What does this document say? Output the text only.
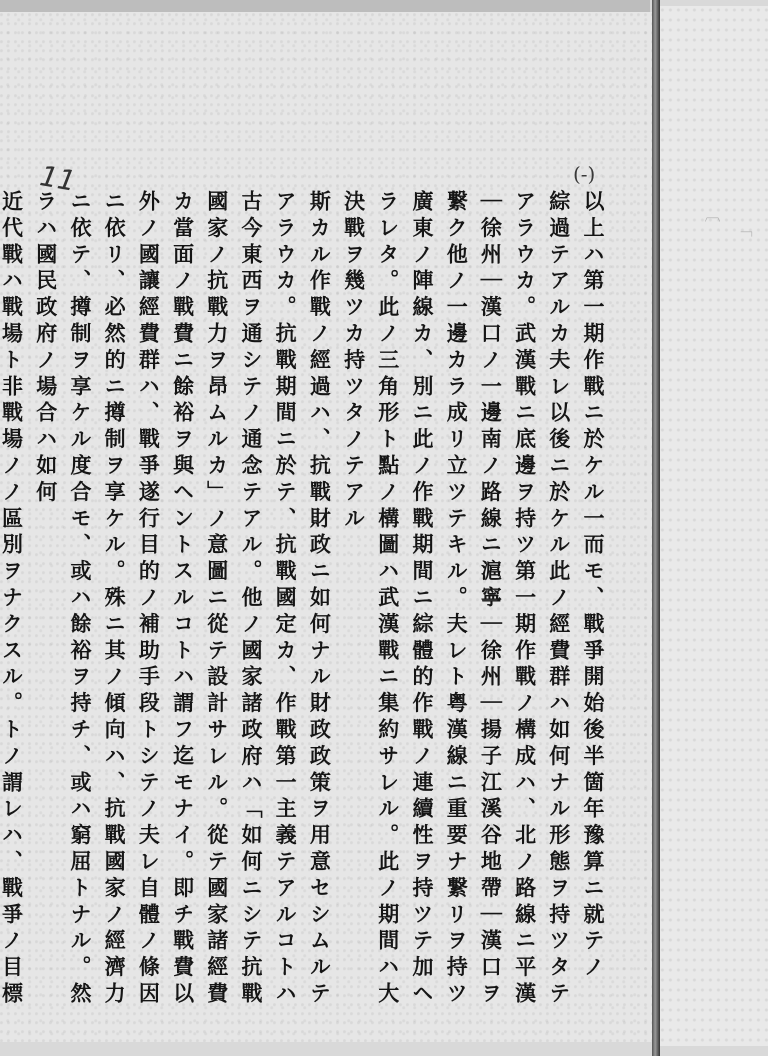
11	(-)
以上ハ第一期作戰ニ於ケル一而モ、戰爭開始後半箇年豫算ニ就テノ
綜過テアルカ夫レ以後ニ於ケル此ノ經費群ハ如何ナル形態ヲ持ツタテ
アラウカ。武漢戰ニ底邊ヲ持ツ第一期作戰ノ構成ハ、北ノ路線ニ平漢
｜徐州｜漢口ノ一邊南ノ路線ニ滬寧｜徐州｜揚子江溪谷地帶｜漢口ヲ
繋ク他ノ一邊カラ成リ立ツテキル。夫レト粤漢線ニ重要ナ繋リヲ持ツ
廣東ノ陣線カ、別ニ此ノ作戰期間ニ綜體的作戰ノ連續性ヲ持ツテ加ヘ
ラレタ。此ノ三角形ト點ノ構圖ハ武漢戰ニ集約サレル。此ノ期間ハ大
決戰ヲ幾ツカ持ツタノテアル
斯カル作戰ノ經過ハ、抗戰財政ニ如何ナル財政政策ヲ用意セシムルテ
アラウカ。抗戰期間ニ於テ、抗戰國定カ、作戰第一主義テアルコトハ
古今東西ヲ通シテノ通念テアル。他ノ國家諸政府ハ「如何ニシテ抗戰
國家ノ抗戰力ヲ昂ムルカ」ノ意圖ニ從テ設計サレル。從テ國家諸經費
カ當面ノ戰費ニ餘裕ヲ與ヘントスルコトハ謂フ迄モナイ。即チ戰費以
外ノ國讓經費群ハ、戰爭遂行目的ノ補助手段トシテノ夫レ自體ノ條因
ニ依リ、必然的ニ撙制ヲ享ケル。殊ニ其ノ傾向ハ、抗戰國家ノ經濟力
ニ依テ、撙制ヲ享ケル度合モ、或ハ餘裕ヲ持チ、或ハ窮屈トナル。然
ラハ國民政府ノ場合ハ如何
近代戰ハ戰場ト非戰場ノノ區別ヲナクスル。トノ謂レハ、戰爭ノ目標	〔
「
